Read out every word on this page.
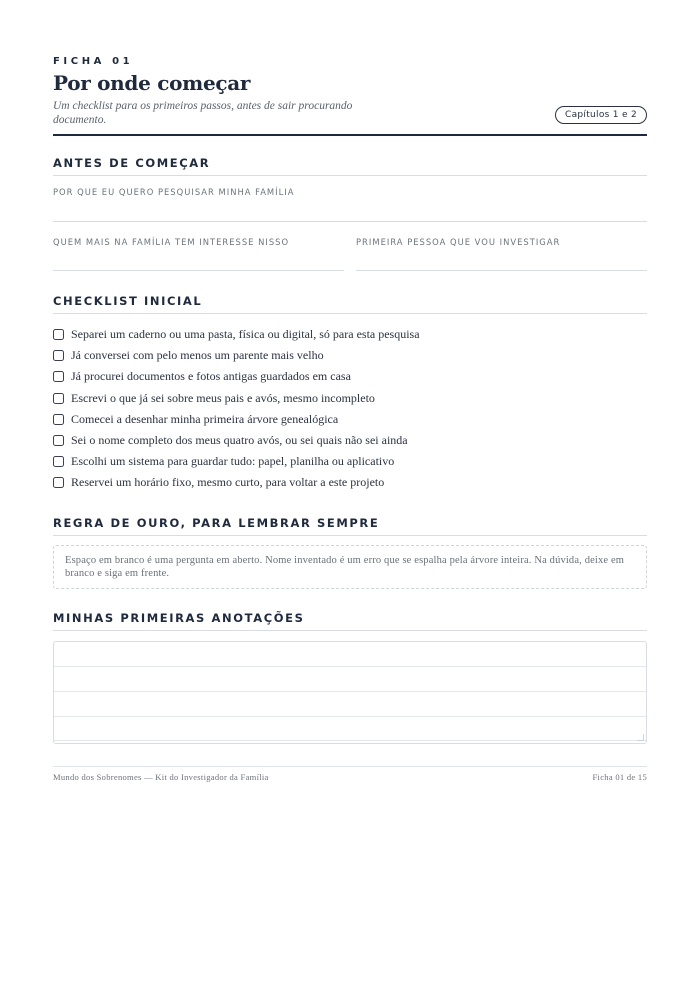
FICHA 01
Por onde começar

Um checklist para os primeiros passos, antes de sair procurando documento.	Capítulos 1 e 2
ANTES DE COMEÇAR
POR QUE EU QUERO PESQUISAR MINHA FAMÍLIA
QUEM MAIS NA FAMÍLIA TEM INTERESSE NISSO	PRIMEIRA PESSOA QUE VOU INVESTIGAR
CHECKLIST INICIAL
Separei um caderno ou uma pasta, física ou digital, só para esta pesquisa
Já conversei com pelo menos um parente mais velho
Já procurei documentos e fotos antigas guardados em casa
Escrevi o que já sei sobre meus pais e avós, mesmo incompleto
Comecei a desenhar minha primeira árvore genealógica
Sei o nome completo dos meus quatro avós, ou sei quais não sei ainda
Escolhi um sistema para guardar tudo: papel, planilha ou aplicativo
Reservei um horário fixo, mesmo curto, para voltar a este projeto
REGRA DE OURO, PARA LEMBRAR SEMPRE
Espaço em branco é uma pergunta em aberto. Nome inventado é um erro que se espalha pela árvore inteira. Na dúvida, deixe em branco e siga em frente.
MINHAS PRIMEIRAS ANOTAÇÕES
Mundo dos Sobrenomes — Kit do Investigador da Família	Ficha 01 de 15
